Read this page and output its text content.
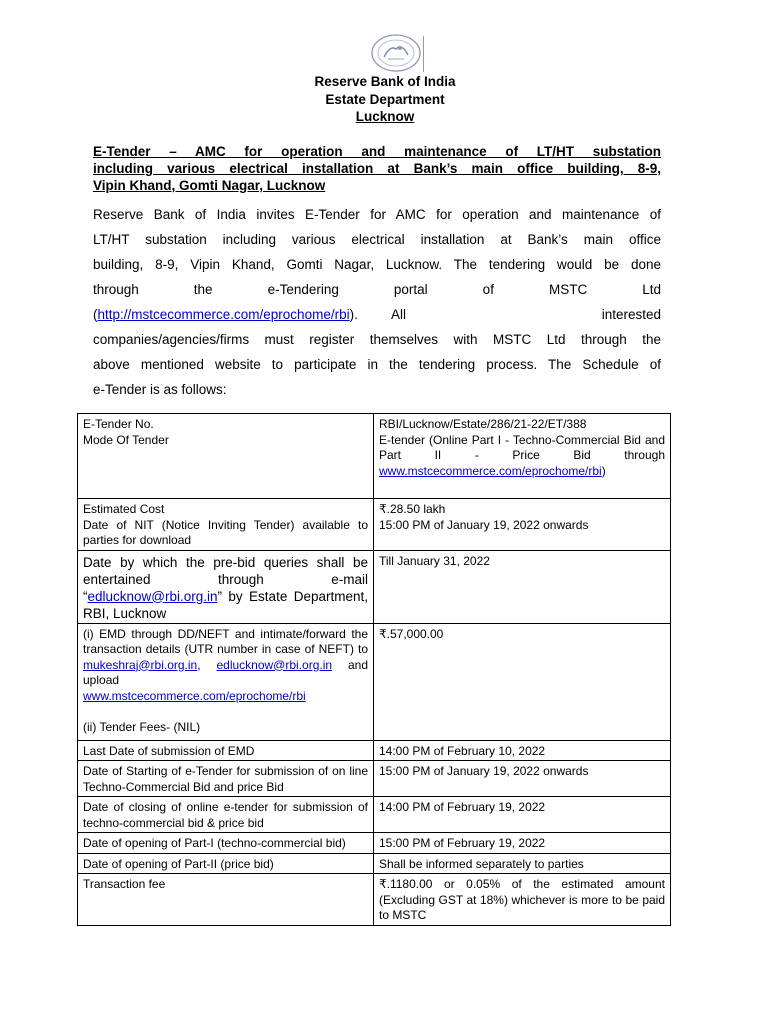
Reserve Bank of India
Estate Department
Lucknow
E-Tender – AMC for operation and maintenance of LT/HT substation
including various electrical installation at Bank’s main office building, 8-9,
Vipin Khand, Gomti Nagar, Lucknow
Reserve Bank of India invites E-Tender for AMC for operation and maintenance of
LT/HT substation including various electrical installation at Bank’s main office
building, 8-9, Vipin Khand, Gomti Nagar, Lucknow. The tendering would be done
through the e-Tendering portal of MSTC Ltd
(http://mstcecommerce.com/eprochome/rbi). All	interested
companies/agencies/firms must register themselves with MSTC Ltd through the
above mentioned website to participate in the tendering process. The Schedule of
e-Tender is as follows:
E-Tender No.	RBI/Lucknow/Estate/286/21-22/ET/388
Mode Of Tender	E-tender (Online Part I - Techno-Commercial Bid and Part II - Price Bid through www.mstcecommerce.com/eprochome/rbi)
Estimated Cost	₹.28.50 lakh
Date of NIT (Notice Inviting Tender) available to parties for download	15:00 PM of January 19, 2022 onwards
Date by which the pre-bid queries shall be entertained through e-mail “edlucknow@rbi.org.in” by Estate Department, RBI, Lucknow	Till January 31, 2022
(i) EMD through DD/NEFT and intimate/forward the transaction details (UTR number in case of NEFT) to mukeshraj@rbi.org.in, edlucknow@rbi.org.in and upload
www.mstcecommerce.com/eprochome/rbi
(ii) Tender Fees- (NIL)	₹.57,000.00
Last Date of submission of EMD	14:00 PM of February 10, 2022
Date of Starting of e-Tender for submission of on line Techno-Commercial Bid and price Bid	15:00 PM of January 19, 2022 onwards
Date of closing of online e-tender for submission of techno-commercial bid & price bid	14:00 PM of February 19, 2022
Date of opening of Part-I (techno-commercial bid)	15:00 PM of February 19, 2022
Date of opening of Part-II (price bid)	Shall be informed separately to parties
Transaction fee	₹.1180.00 or 0.05% of the estimated amount (Excluding GST at 18%) whichever is more to be paid to MSTC
